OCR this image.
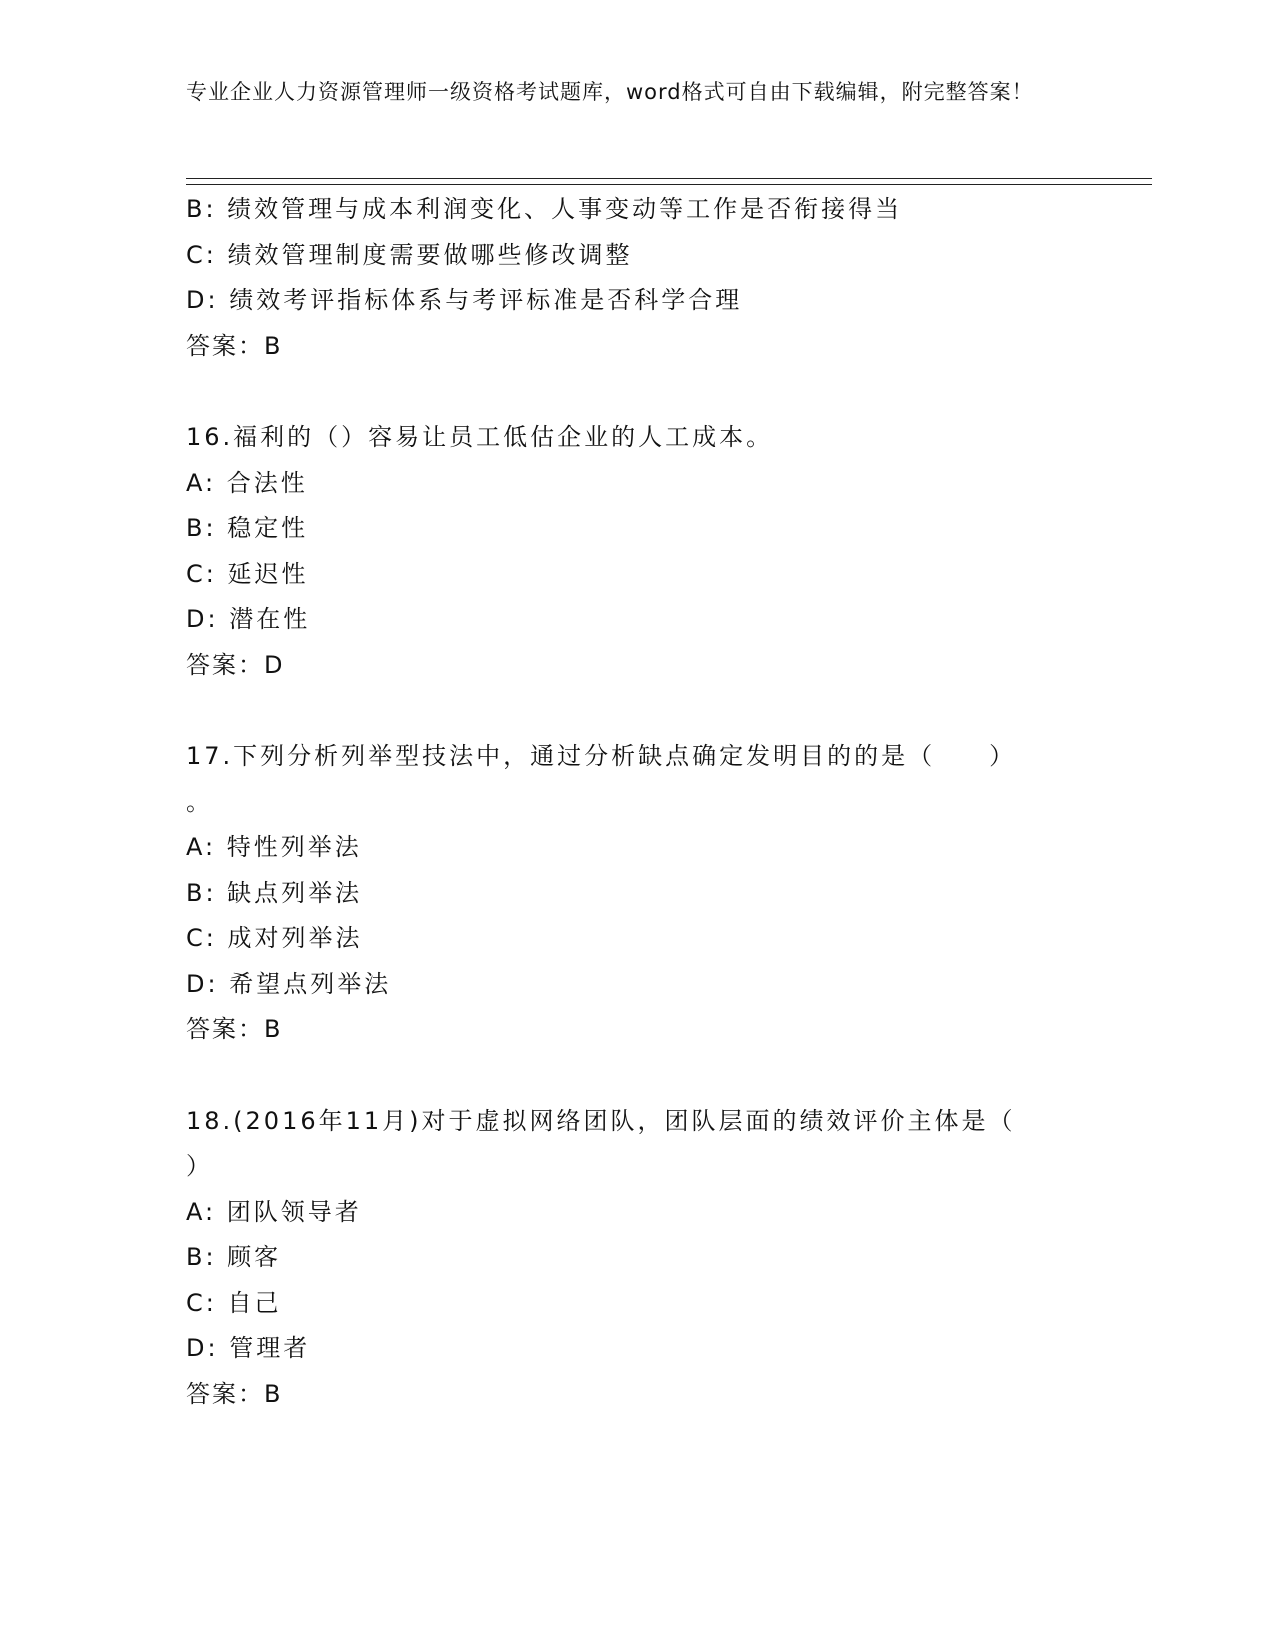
专业企业人力资源管理师一级资格考试题库，word格式可自由下载编辑，附完整答案！
B: 绩效管理与成本利润变化、人事变动等工作是否衔接得当
C: 绩效管理制度需要做哪些修改调整
D: 绩效考评指标体系与考评标准是否科学合理
答案：B
16.福利的（）容易让员工低估企业的人工成本。
A: 合法性
B: 稳定性
C: 延迟性
D: 潜在性
答案：D
17.下列分析列举型技法中，通过分析缺点确定发明目的的是（　　）
。
A: 特性列举法
B: 缺点列举法
C: 成对列举法
D: 希望点列举法
答案：B
18.(2016年11月)对于虚拟网络团队，团队层面的绩效评价主体是（
）
A: 团队领导者
B: 顾客
C: 自己
D: 管理者
答案：B
